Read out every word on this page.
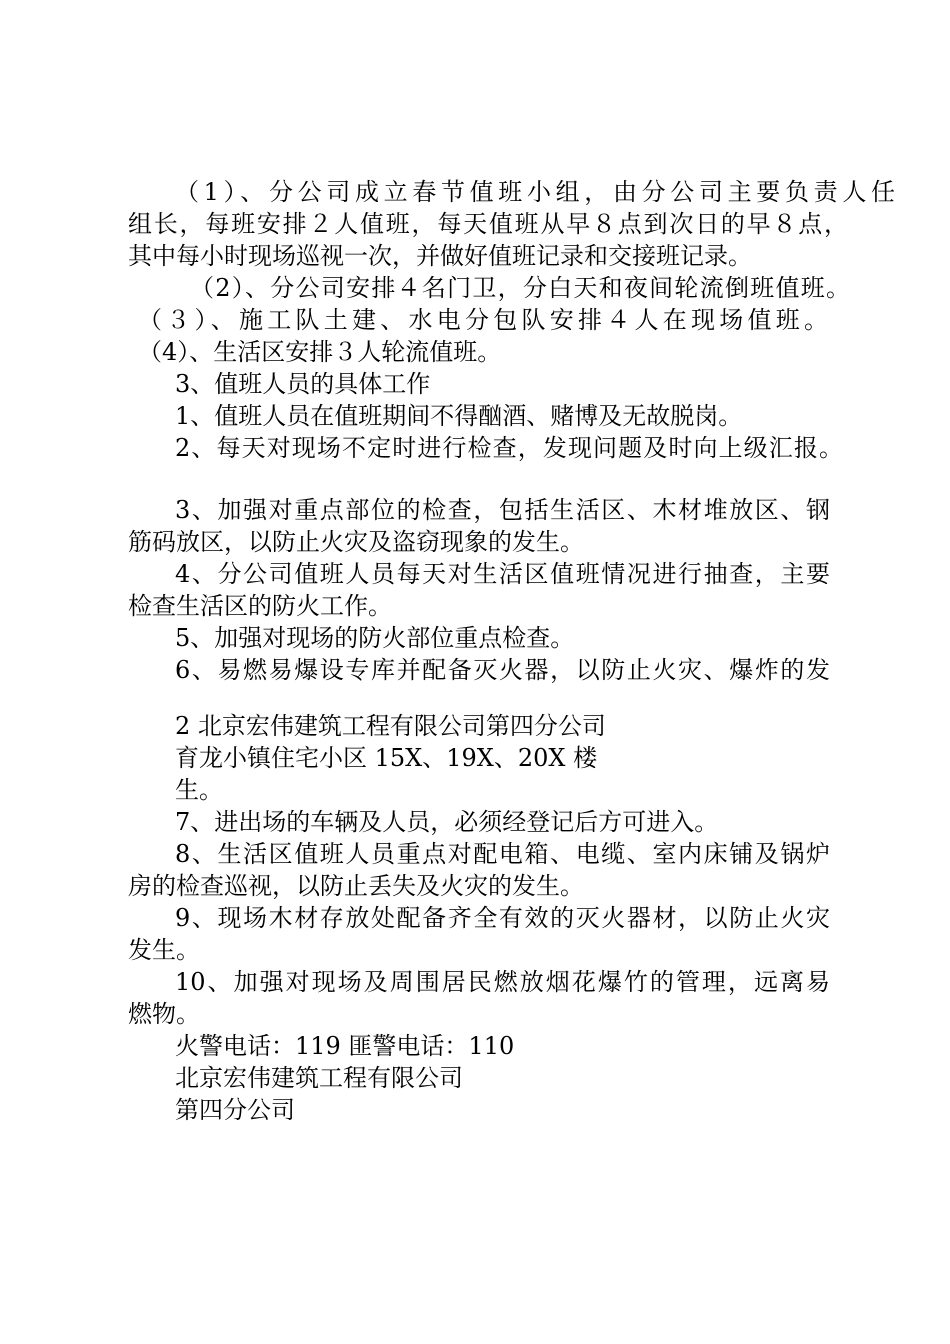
（1）、分公司成立春节值班小组，由分公司主要负责人任
组长，每班安排２人值班，每天值班从早８点到次日的早８点，
其中每小时现场巡视一次，并做好值班记录和交接班记录。
（2）、分公司安排４名门卫，分白天和夜间轮流倒班值班。
（３）、施工队土建、水电分包队安排４人在现场值班。
（4）、生活区安排３人轮流值班。
3、值班人员的具体工作
1、值班人员在值班期间不得酗酒、赌博及无故脱岗。
2、每天对现场不定时进行检查，发现问题及时向上级汇报。
3、加强对重点部位的检查，包括生活区、木材堆放区、钢
筋码放区，以防止火灾及盗窃现象的发生。
4、分公司值班人员每天对生活区值班情况进行抽查，主要
检查生活区的防火工作。
5、加强对现场的防火部位重点检查。
6、易燃易爆设专库并配备灭火器，以防止火灾、爆炸的发
2 北京宏伟建筑工程有限公司第四分公司
育龙小镇住宅小区 15X、19X、20X 楼
生。
7、进出场的车辆及人员，必须经登记后方可进入。
8、生活区值班人员重点对配电箱、电缆、室内床铺及锅炉
房的检查巡视，以防止丢失及火灾的发生。
9、现场木材存放处配备齐全有效的灭火器材，以防止火灾
发生。
10、加强对现场及周围居民燃放烟花爆竹的管理，远离易
燃物。
火警电话：119 匪警电话：110
北京宏伟建筑工程有限公司
第四分公司
